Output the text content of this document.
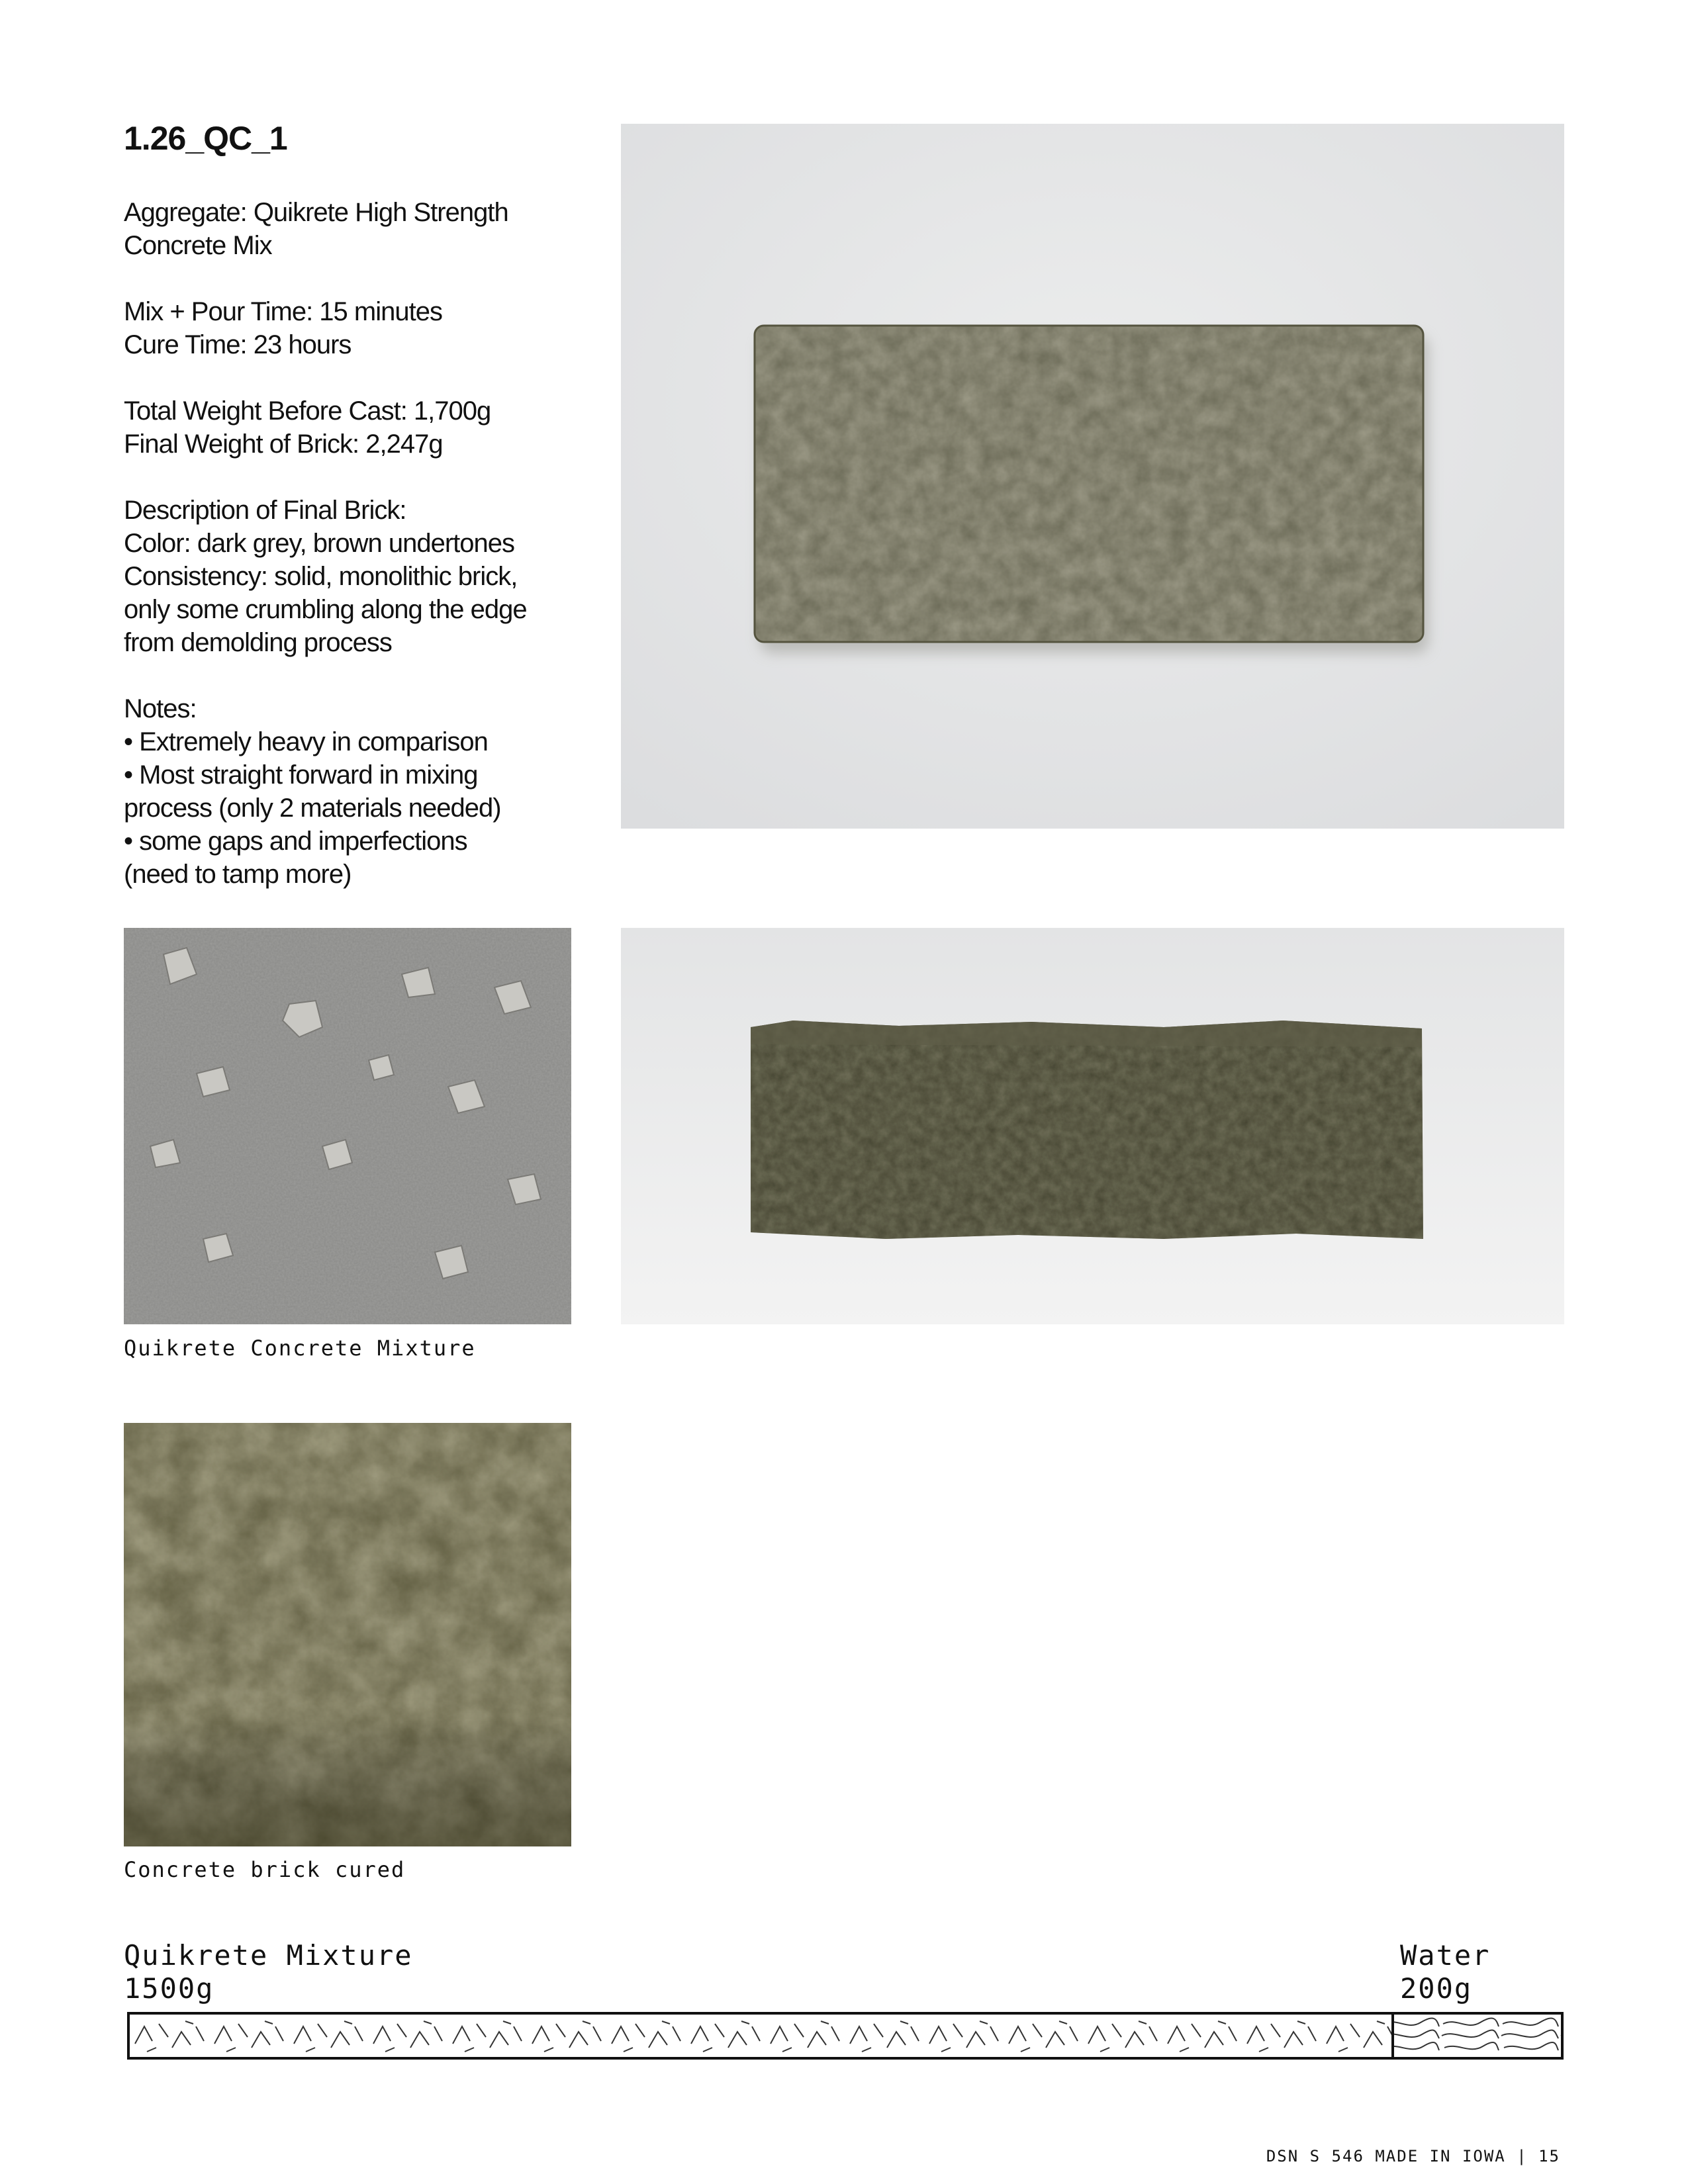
1.26_QC_1
Aggregate: Quikrete High Strength
Concrete Mix
Mix + Pour Time: 15 minutes
Cure Time: 23 hours
Total Weight Before Cast: 1,700g
Final Weight of Brick: 2,247g
Description of Final Brick:
Color: dark grey, brown undertones
Consistency: solid, monolithic brick,
only some crumbling along the edge
from demolding process
Notes:
• Extremely heavy in comparison
• Most straight forward in mixing
process (only 2 materials needed)
• some gaps and imperfections
(need to tamp more)
Quikrete Concrete Mixture
Concrete brick cured
Quikrete Mixture
1500g
Water
200g
DSN S 546 MADE IN IOWA | 15
